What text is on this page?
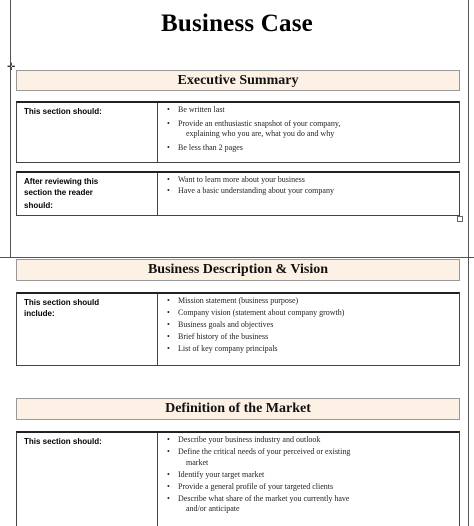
✛
Business Case
Executive Summary
This section should:	• Be written last
• Provide an enthusiastic snapshot of your company,
explaining who you are, what you do and why
• Be less than 2 pages
After reviewing this
section the reader
should:
• Want to learn more about your business
• Have a basic understanding about your company
Business Description & Vision
This section should
include:
• Mission statement (business purpose)
• Company vision (statement about company growth)
• Business goals and objectives
• Brief history of the business
• List of key company principals
Definition of the Market
This section should:	• Describe your business industry and outlook
• Define the critical needs of your perceived or existing
market
• Identify your target market
• Provide a general profile of your targeted clients
• Describe what share of the market you currently have
and/or anticipate
